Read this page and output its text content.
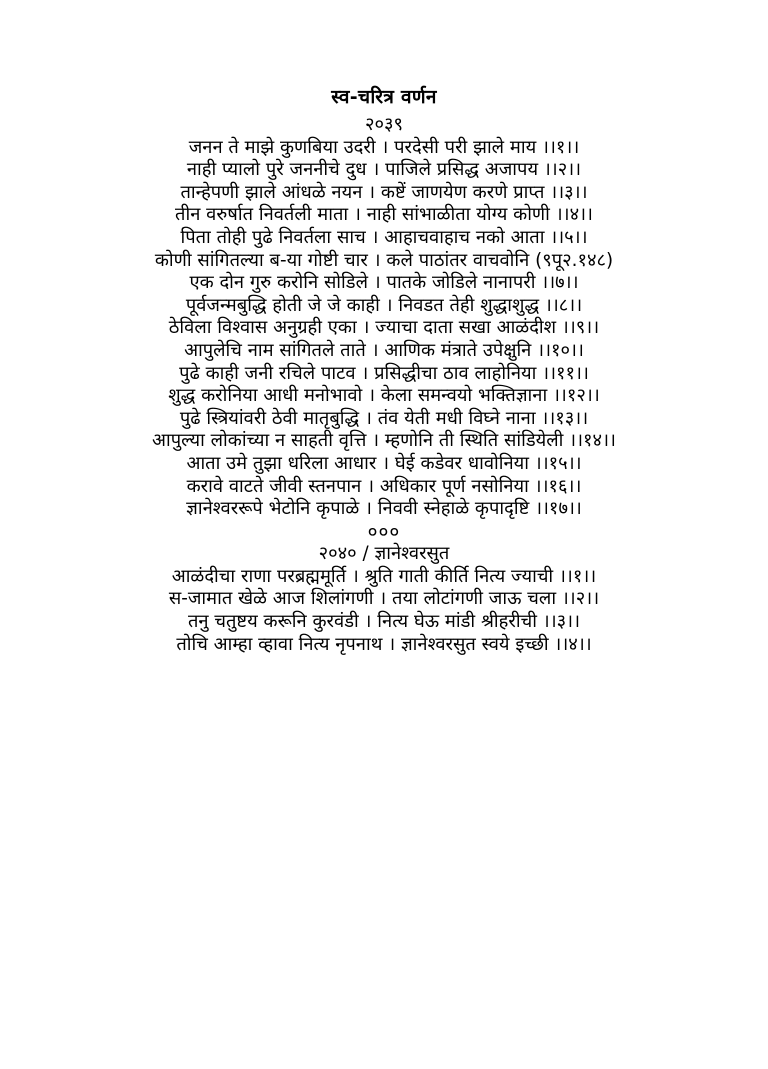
स्व-चरित्र वर्णन
२०३९
जनन ते माझे कुणबिया उदरी । परदेसी परी झाले माय ।।१।।
नाही प्यालो पुरे जननीचे दुध । पाजिले प्रसिद्ध अजापय ।।२।।
तान्हेपणी झाले आंधळे नयन । कष्टें जाणयेण करणे प्राप्त ।।३।।
तीन वरुर्षात निवर्तली माता । नाही सांभाळीता योग्य कोणी ।।४।।
पिता तोही पुढे निवर्तला साच । आहाचवाहाच नको आता ।।५।।
कोणी सांगितल्या ब-या गोष्टी चार । कले पाठांतर वाचवोनि (९पू२.१४८)
एक दोन गुरु करोनि सोडिले । पातके जोडिले नानापरी ।।७।।
पूर्वजन्मबुद्धि होती जे जे काही । निवडत तेही शुद्धाशुद्ध ।।८।।
ठेविला विश्वास अनुग्रही एका । ज्याचा दाता सखा आळंदीश ।।९।।
आपुलेचि नाम सांगितले ताते । आणिक मंत्राते उपेक्षुनि ।।१०।।
पुढे काही जनी रचिले पाटव । प्रसिद्धीचा ठाव लाहोनिया ।।११।।
शुद्ध करोनिया आधी मनोभावो । केला समन्वयो भक्तिज्ञाना ।।१२।।
पुढे स्त्रियांवरी ठेवी मातृबुद्धि । तंव येती मधी विघ्ने नाना ।।१३।।
आपुल्या लोकांच्या न साहती वृत्ति । म्हणोनि ती स्थिति सांडियेली ।।१४।।
आता उमे तुझा धरिला आधार । घेई कडेवर धावोनिया ।।१५।।
करावे वाटते जीवी स्तनपान । अधिकार पूर्ण नसोनिया ।।१६।।
ज्ञानेश्वररूपे भेटोनि कृपाळे । निववी स्नेहाळे कृपादृष्टि ।।१७।।
०००
२०४० / ज्ञानेश्वरसुत
आळंदीचा राणा परब्रह्ममूर्ति । श्रुति गाती कीर्ति नित्य ज्याची ।।१।।
स-जामात खेळे आज शिलांगणी । तया लोटांगणी जाऊ चला ।।२।।
तनु चतुष्टय करूनि कुरवंडी । नित्य घेऊ मांडी श्रीहरीची ।।३।।
तोचि आम्हा व्हावा नित्य नृपनाथ । ज्ञानेश्वरसुत स्वये इच्छी ।।४।।
